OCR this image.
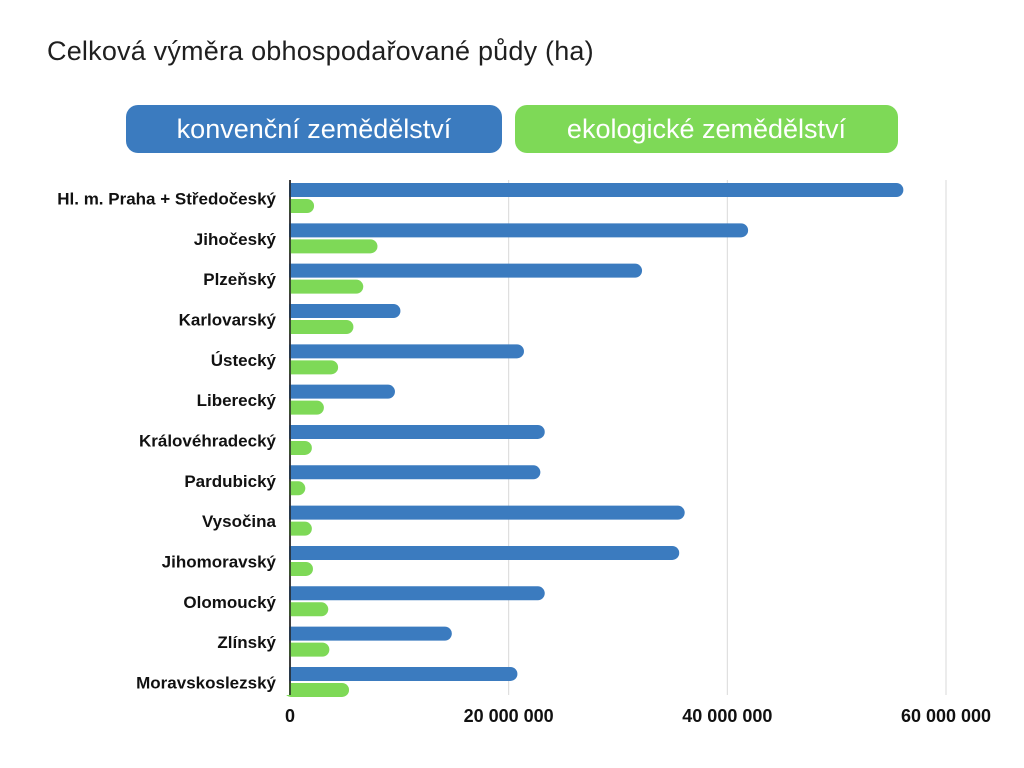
Celková výměra obhospodařované půdy (ha)
konvenční zemědělství	ekologické zemědělství
Hl. m. Praha + Středočeský
Jihočeský
Plzeňský
Karlovarský
Ústecký
Liberecký
Královéhradecký
Pardubický
Vysočina
Jihomoravský
Olomoucký
Zlínský
Moravskoslezský
0	20 000 000	40 000 000	60 000 000
